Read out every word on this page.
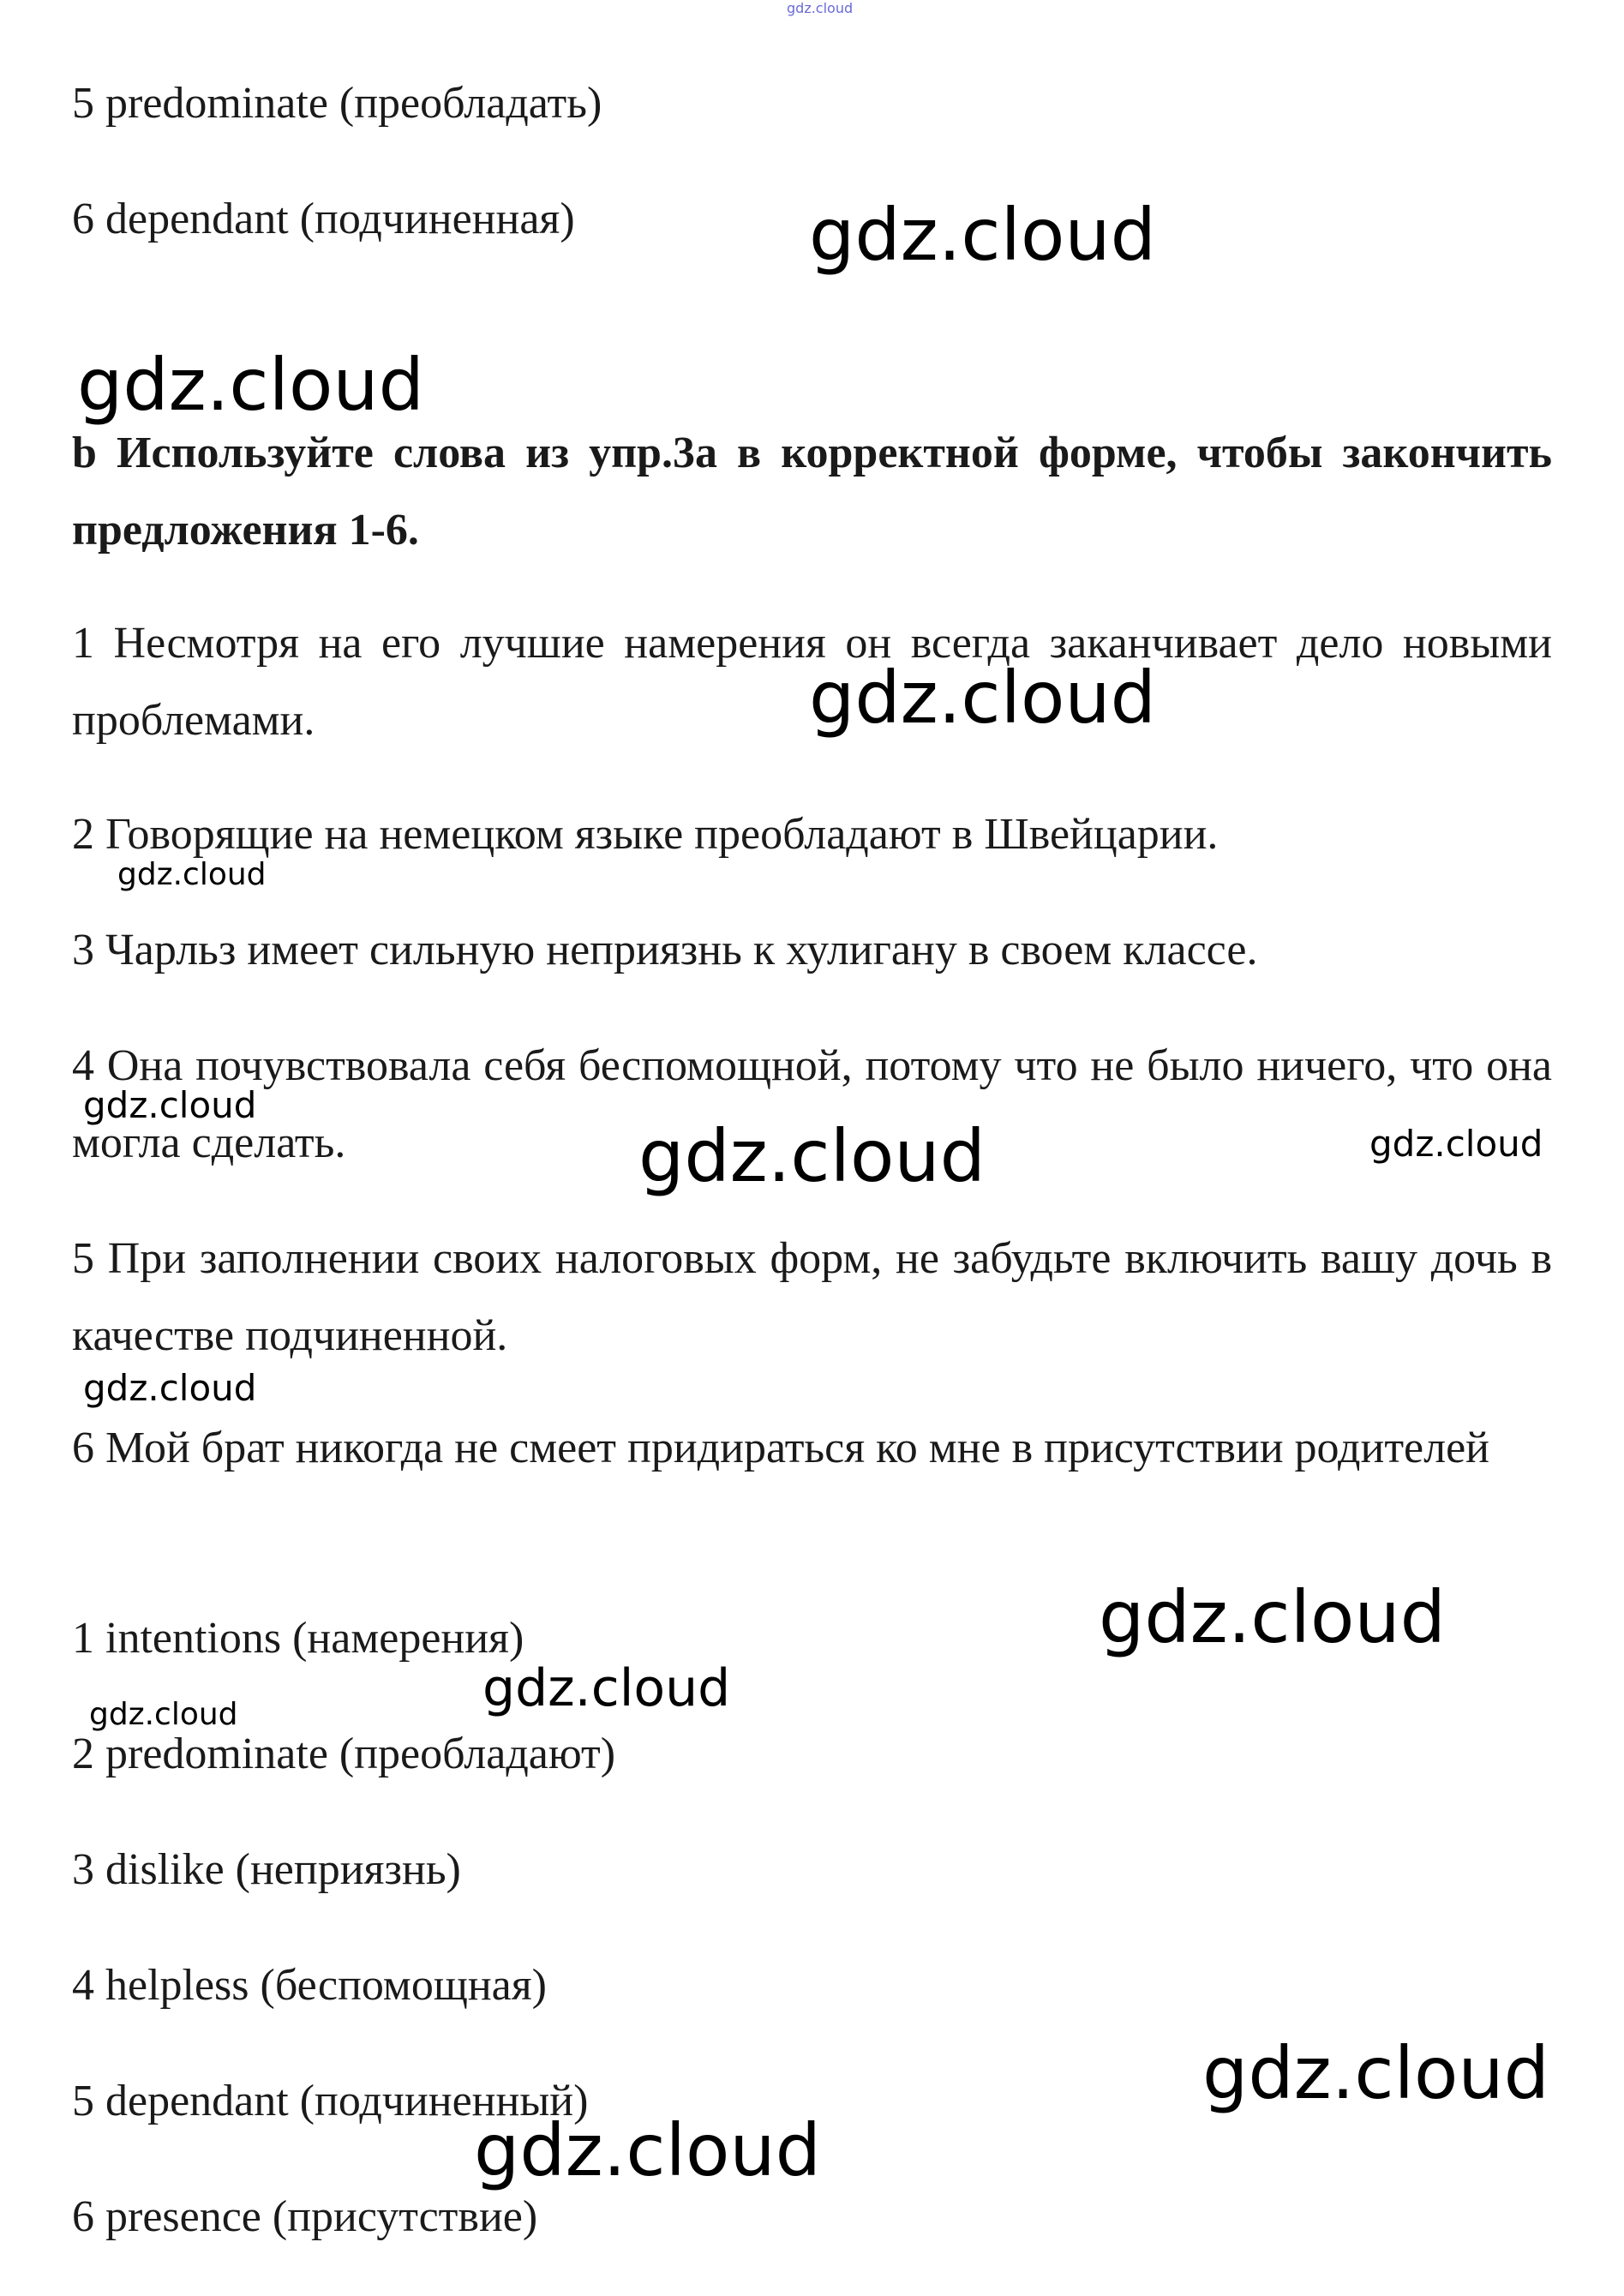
gdz.cloud
5 predominate (преобладать)
6 dependant (подчиненная)
b Используйте слова из упр.3a в корректной форме, чтобы закончить предложения 1-6.
1 Несмотря на его лучшие намерения он всегда заканчивает дело новыми проблемами.
2 Говорящие на немецком языке преобладают в Швейцарии.
3 Чарльз имеет сильную неприязнь к хулигану в своем классе.
4 Она почувствовала себя беспомощной, потому что не было ничего, что она могла сделать.
5 При заполнении своих налоговых форм, не забудьте включить вашу дочь в качестве подчиненной.
6 Мой брат никогда не смеет придираться ко мне в присутствии родителей
1 intentions (намерения)
2 predominate (преобладают)
3 dislike (неприязнь)
4 helpless (беспомощная)
5 dependant (подчиненный)
6 presence (присутствие)
gdz.cloud
gdz.cloud
gdz.cloud
gdz.cloud
gdz.cloud
gdz.cloud	gdz.cloud
gdz.cloud
gdz.cloud
gdz.cloud
gdz.cloud
gdz.cloud
gdz.cloud
